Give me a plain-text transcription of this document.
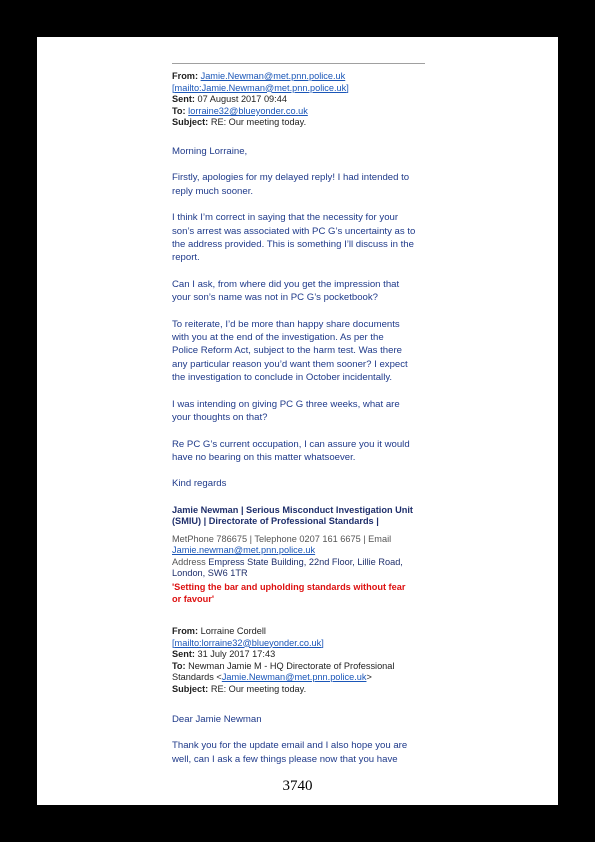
From: Jamie.Newman@met.pnn.police.uk
[mailto:Jamie.Newman@met.pnn.police.uk]
Sent: 07 August 2017 09:44
To: lorraine32@blueyonder.co.uk
Subject: RE: Our meeting today.

Morning Lorraine,

Firstly, apologies for my delayed reply! I had intended to
reply much sooner.

I think I’m correct in saying that the necessity for your
son’s arrest was associated with PC G’s uncertainty as to
the address provided. This is something I’ll discuss in the
report.

Can I ask, from where did you get the impression that
your son’s name was not in PC G’s pocketbook?

To reiterate, I’d be more than happy share documents
with you at the end of the investigation. As per the
Police Reform Act, subject to the harm test. Was there
any particular reason you’d want them sooner? I expect
the investigation to conclude in October incidentally.

I was intending on giving PC G three weeks, what are
your thoughts on that?

Re PC G’s current occupation, I can assure you it would
have no bearing on this matter whatsoever.

Kind regards

Jamie Newman | Serious Misconduct Investigation Unit
(SMIU) | Directorate of Professional Standards |
MetPhone 786675 | Telephone 0207 161 6675 | Email
Jamie.newman@met.pnn.police.uk
Address Empress State Building, 22nd Floor, Lillie Road,
London, SW6 1TR
'Setting the bar and upholding standards without fear
or favour'
From: Lorraine Cordell
[mailto:lorraine32@blueyonder.co.uk]
Sent: 31 July 2017 17:43
To: Newman Jamie M - HQ Directorate of Professional
Standards <Jamie.Newman@met.pnn.police.uk>
Subject: RE: Our meeting today.

Dear Jamie Newman

Thank you for the update email and I also hope you are
well, can I ask a few things please now that you have

3740
